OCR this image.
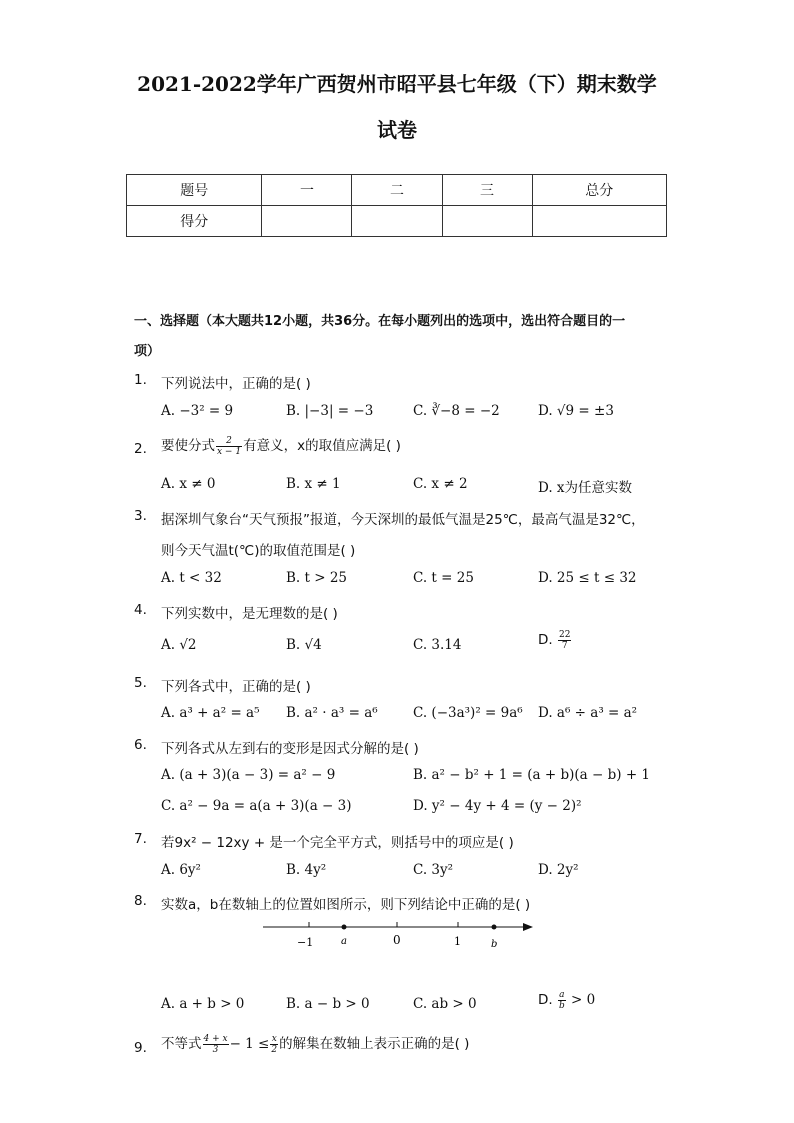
2021-2022学年广西贺州市昭平县七年级（下）期末数学
试卷
题号	一	二	三	总分
得分				
一、选择题（本大题共12小题，共36分。在每小题列出的选项中，选出符合题目的一
项）
1. 下列说法中，正确的是( )
A. −3² = 9	B. |−3| = −3	C. ∛−8 = −2	D. √9 = ±3
2. 要使分式 $\frac{2}{x - 1}$ 有意义，x的取值应满足( )
A. x ≠ 0	B. x ≠ 1	C. x ≠ 2	D. x为任意实数
3. 据深圳气象台“天气预报”报道，今天深圳的最低气温是25℃，最高气温是32℃，
则今天气温t(℃)的取值范围是( )
A. t < 32	B. t > 25	C. t = 25	D. 25 ≤ t ≤ 32
4. 下列实数中，是无理数的是( )
A. √2	B. √4	C. 3.14	D. $\frac{22}{7}$
5. 下列各式中，正确的是( )
A. a³ + a² = a⁵ B. a² · a³ = a⁶	C. (−3a³)² = 9a⁶ D. a⁶ ÷ a³ = a²
6. 下列各式从左到右的变形是因式分解的是( )
A. (a + 3)(a − 3) = a² − 9	B. a² − b² + 1 = (a + b)(a − b) + 1
C. a² − 9a = a(a + 3)(a − 3)	D. y² − 4y + 4 = (y − 2)²
7. 若9x² − 12xy + 是一个完全平方式，则括号中的项应是( )
A. 6y²	B. 4y²	C. 3y²	D. 2y²
8. 实数a，b在数轴上的位置如图所示，则下列结论中正确的是( )
−1	a	0	1	b
A. a + b > 0	B. a − b > 0	C. ab > 0	D. $\frac{a}{b} > 0$
9. 不等式 $\frac{4 + x}{3} - 1 \le \frac{x}{2}$ 的解集在数轴上表示正确的是( )
